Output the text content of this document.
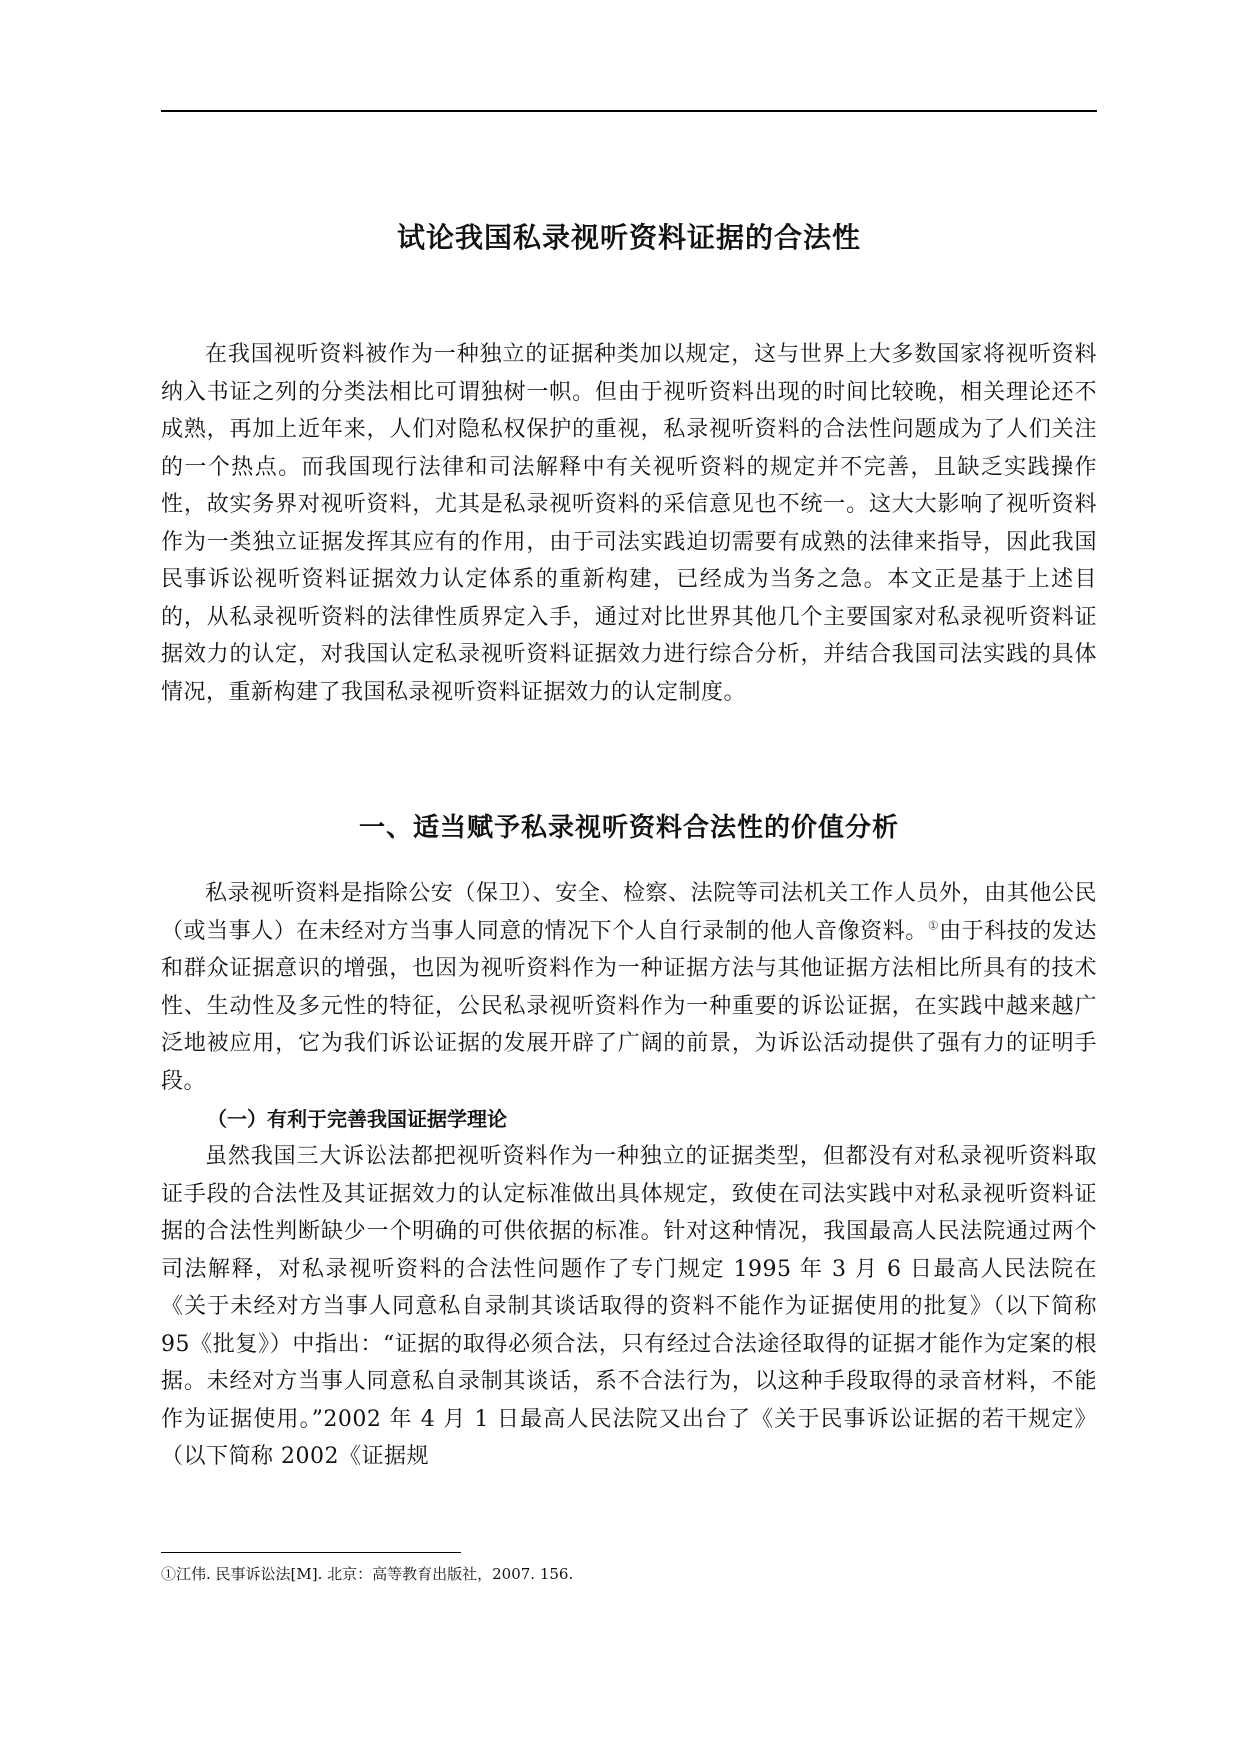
试论我国私录视听资料证据的合法性

在我国视听资料被作为一种独立的证据种类加以规定，这与世界上大多数国家将视听资料纳入书证之列的分类法相比可谓独树一帜。但由于视听资料出现的时间比较晚，相关理论还不成熟，再加上近年来，人们对隐私权保护的重视，私录视听资料的合法性问题成为了人们关注的一个热点。而我国现行法律和司法解释中有关视听资料的规定并不完善，且缺乏实践操作性，故实务界对视听资料，尤其是私录视听资料的采信意见也不统一。这大大影响了视听资料作为一类独立证据发挥其应有的作用，由于司法实践迫切需要有成熟的法律来指导，因此我国民事诉讼视听资料证据效力认定体系的重新构建，已经成为当务之急。本文正是基于上述目的，从私录视听资料的法律性质界定入手，通过对比世界其他几个主要国家对私录视听资料证据效力的认定，对我国认定私录视听资料证据效力进行综合分析，并结合我国司法实践的具体情况，重新构建了我国私录视听资料证据效力的认定制度。

一、适当赋予私录视听资料合法性的价值分析

私录视听资料是指除公安（保卫）、安全、检察、法院等司法机关工作人员外，由其他公民（或当事人）在未经对方当事人同意的情况下个人自行录制的他人音像资料。①由于科技的发达和群众证据意识的增强，也因为视听资料作为一种证据方法与其他证据方法相比所具有的技术性、生动性及多元性的特征，公民私录视听资料作为一种重要的诉讼证据，在实践中越来越广泛地被应用，它为我们诉讼证据的发展开辟了广阔的前景，为诉讼活动提供了强有力的证明手段。

（一）有利于完善我国证据学理论

虽然我国三大诉讼法都把视听资料作为一种独立的证据类型，但都没有对私录视听资料取证手段的合法性及其证据效力的认定标准做出具体规定，致使在司法实践中对私录视听资料证据的合法性判断缺少一个明确的可供依据的标准。针对这种情况，我国最高人民法院通过两个司法解释，对私录视听资料的合法性问题作了专门规定 1995 年 3 月 6 日最高人民法院在《关于未经对方当事人同意私自录制其谈话取得的资料不能作为证据使用的批复》（以下简称 95《批复》）中指出：“证据的取得必须合法，只有经过合法途径取得的证据才能作为定案的根据。未经对方当事人同意私自录制其谈话，系不合法行为，以这种手段取得的录音材料，不能作为证据使用。”2002 年 4 月 1 日最高人民法院又出台了《关于民事诉讼证据的若干规定》（以下简称 2002《证据规

①江伟. 民事诉讼法[M]. 北京：高等教育出版社，2007. 156.
